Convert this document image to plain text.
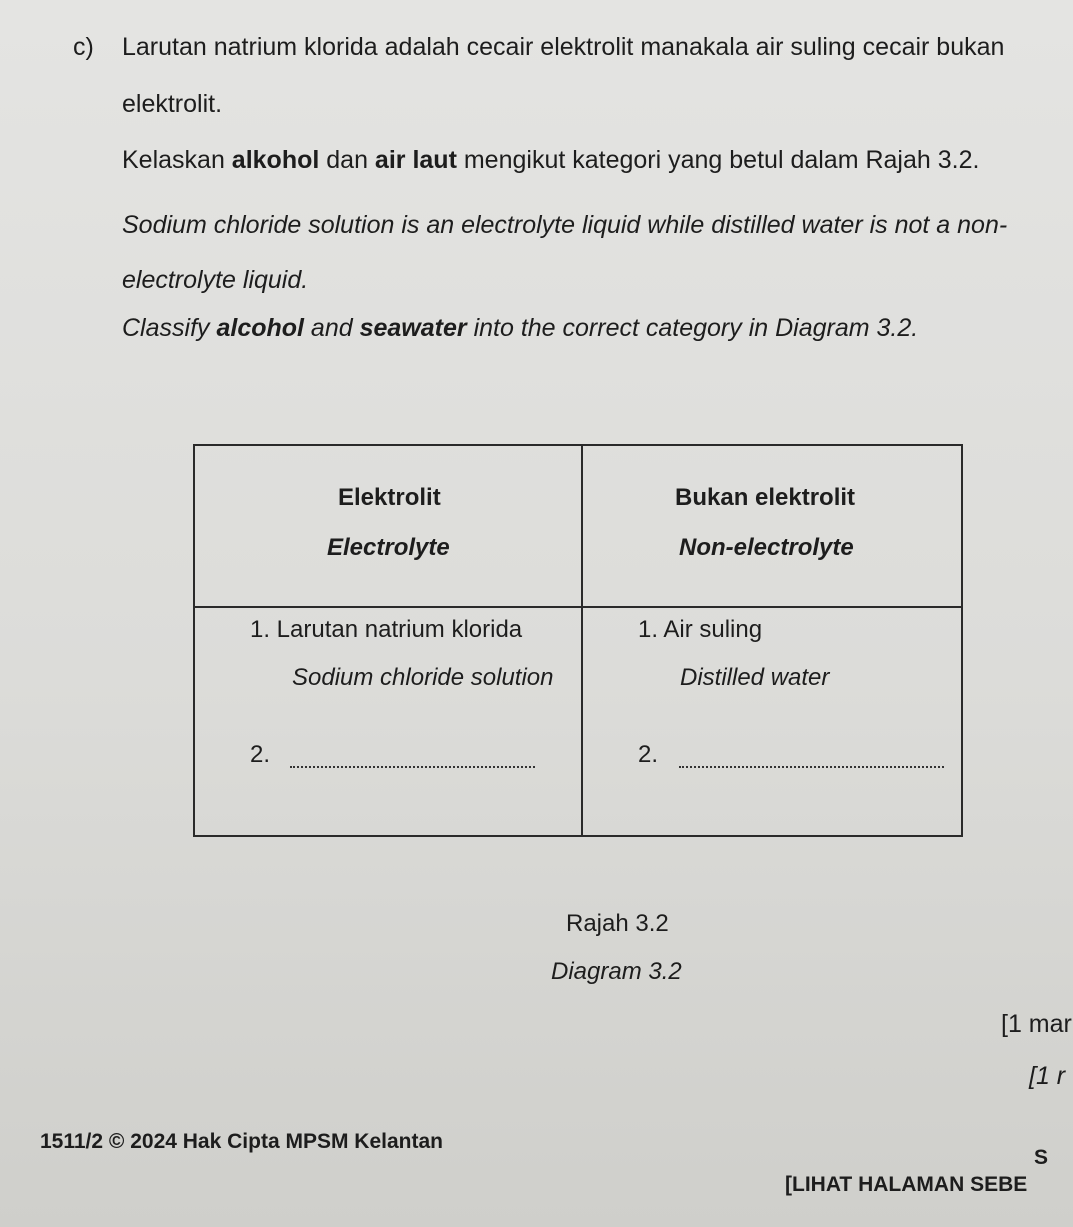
c) Larutan natrium klorida adalah cecair elektrolit manakala air suling cecair bukan
elektrolit.
Kelaskan alkohol dan air laut mengikut kategori yang betul dalam Rajah 3.2.
Sodium chloride solution is an electrolyte liquid while distilled water is not a non-
electrolyte liquid.
Classify alcohol and seawater into the correct category in Diagram 3.2.
Elektrolit
Electrolyte
1. Larutan natrium klorida
Sodium chloride solution
2.
Bukan elektrolit
Non-electrolyte
1. Air suling
Distilled water
2.
Rajah 3.2
Diagram 3.2
[1 mar
[1 r
1511/2 © 2024 Hak Cipta MPSM Kelantan
S
[LIHAT HALAMAN SEBE
